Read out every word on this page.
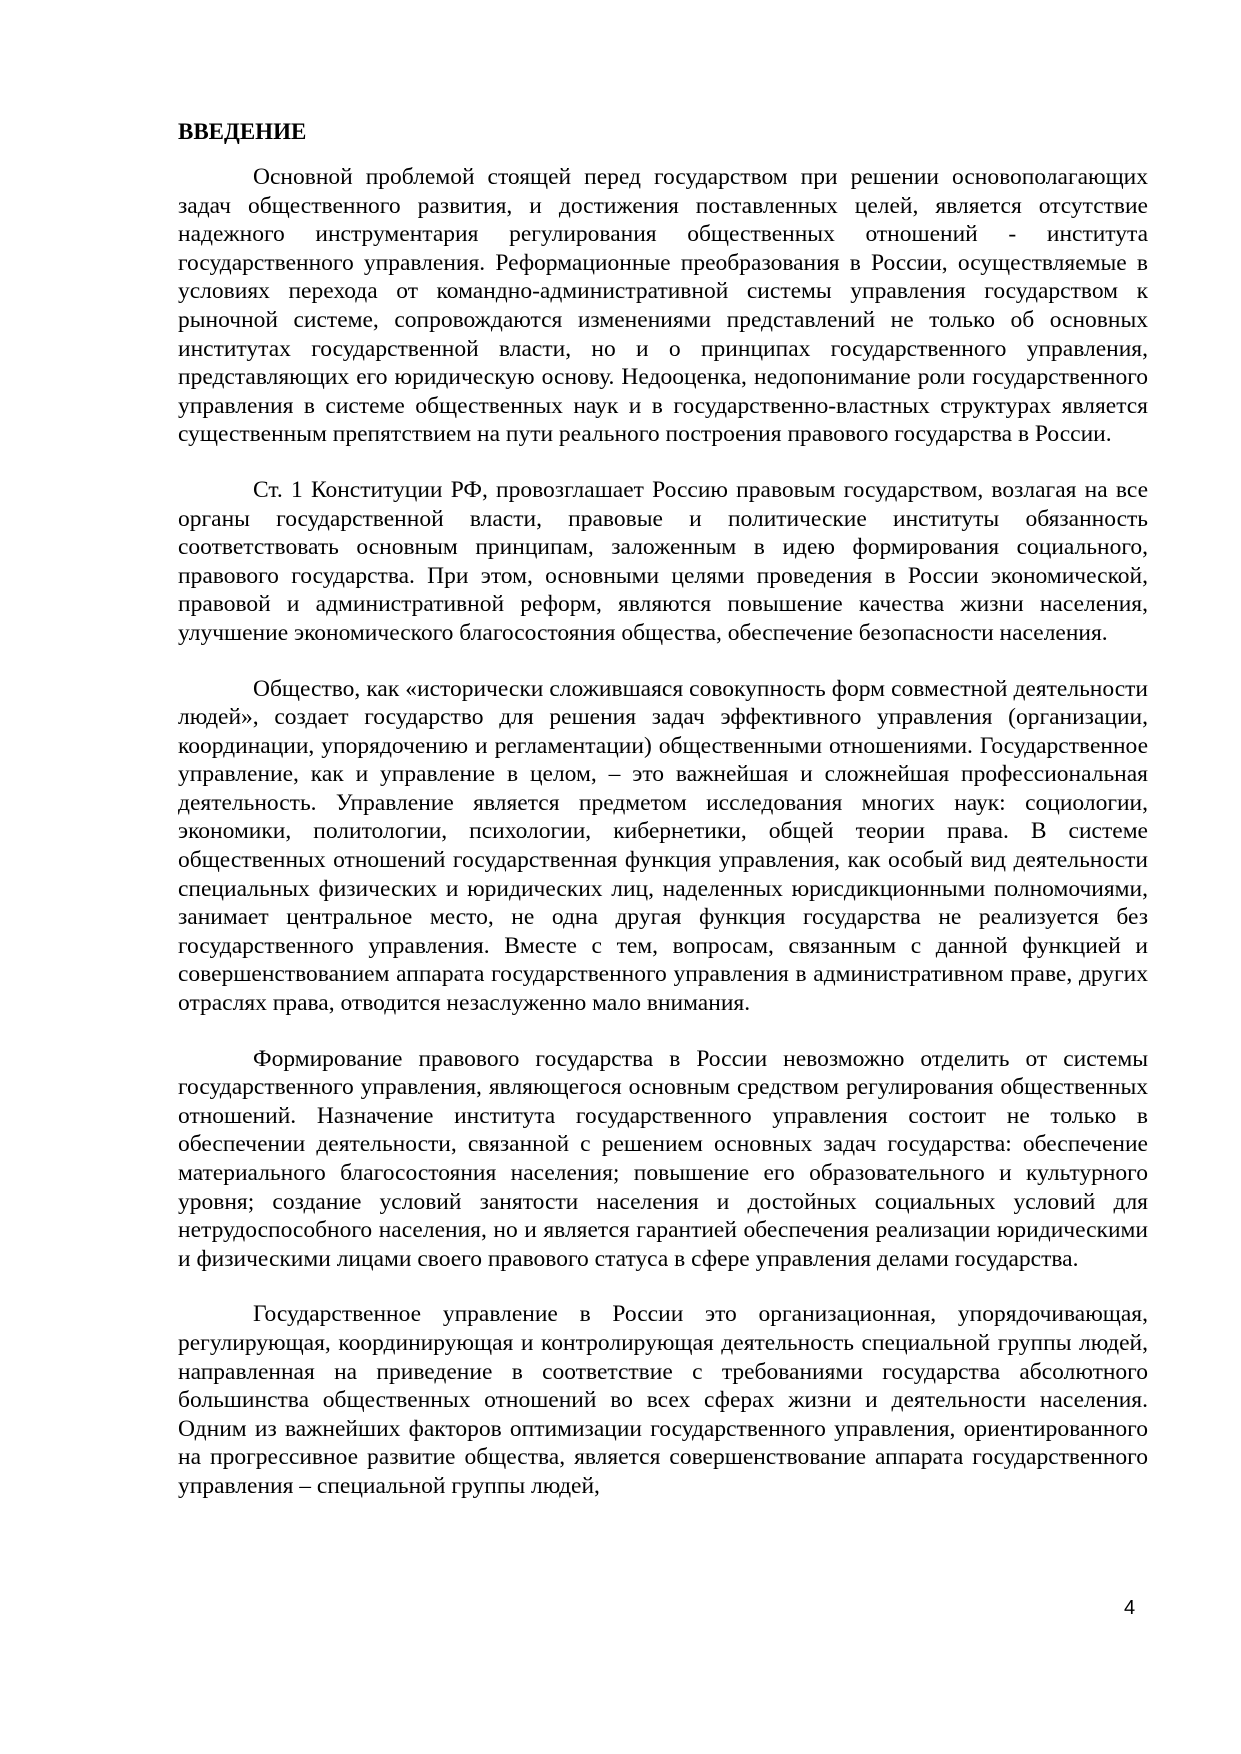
ВВЕДЕНИЕ

Основной проблемой стоящей перед государством при решении основополагающих задач общественного развития, и достижения поставленных целей, является отсутствие надежного инструментария регулирования общественных отношений - института государственного управления. Реформационные преобразования в России, осуществляемые в условиях перехода от командно-административной системы управления государством к рыночной системе, сопровождаются изменениями представлений не только об основных институтах государственной власти, но и о принципах государственного управления, представляющих его юридическую основу. Недооценка, недопонимание роли государственного управления в системе общественных наук и в государственно-властных структурах является существенным препятствием на пути реального построения правового государства в России.

Ст. 1 Конституции РФ, провозглашает Россию правовым государством, возлагая на все органы государственной власти, правовые и политические институты обязанность соответствовать основным принципам, заложенным в идею формирования социального, правового государства. При этом, основными целями проведения в России экономической, правовой и административной реформ, являются повышение качества жизни населения, улучшение экономического благосостояния общества, обеспечение безопасности населения.

Общество, как «исторически сложившаяся совокупность форм совместной деятельности людей», создает государство для решения задач эффективного управления (организации, координации, упорядочению и регламентации) общественными отношениями. Государственное управление, как и управление в целом, – это важнейшая и сложнейшая профессиональная деятельность. Управление является предметом исследования многих наук: социологии, экономики, политологии, психологии, кибернетики, общей теории права. В системе общественных отношений государственная функция управления, как особый вид деятельности специальных физических и юридических лиц, наделенных юрисдикционными полномочиями, занимает центральное место, не одна другая функция государства не реализуется без государственного управления. Вместе с тем, вопросам, связанным с данной функцией и совершенствованием аппарата государственного управления в административном праве, других отраслях права, отводится незаслуженно мало внимания.

Формирование правового государства в России невозможно отделить от системы государственного управления, являющегося основным средством регулирования общественных отношений. Назначение института государственного управления состоит не только в обеспечении деятельности, связанной с решением основных задач государства: обеспечение материального благосостояния населения; повышение его образовательного и культурного уровня; создание условий занятости населения и достойных социальных условий для нетрудоспособного населения, но и является гарантией обеспечения реализации юридическими и физическими лицами своего правового статуса в сфере управления делами государства.

Государственное управление в России это организационная, упорядочивающая, регулирующая, координирующая и контролирующая деятельность специальной группы людей, направленная на приведение в соответствие с требованиями государства абсолютного большинства общественных отношений во всех сферах жизни и деятельности населения. Одним из важнейших факторов оптимизации государственного управления, ориентированного на прогрессивное развитие общества, является совершенствование аппарата государственного управления – специальной группы людей,

4
